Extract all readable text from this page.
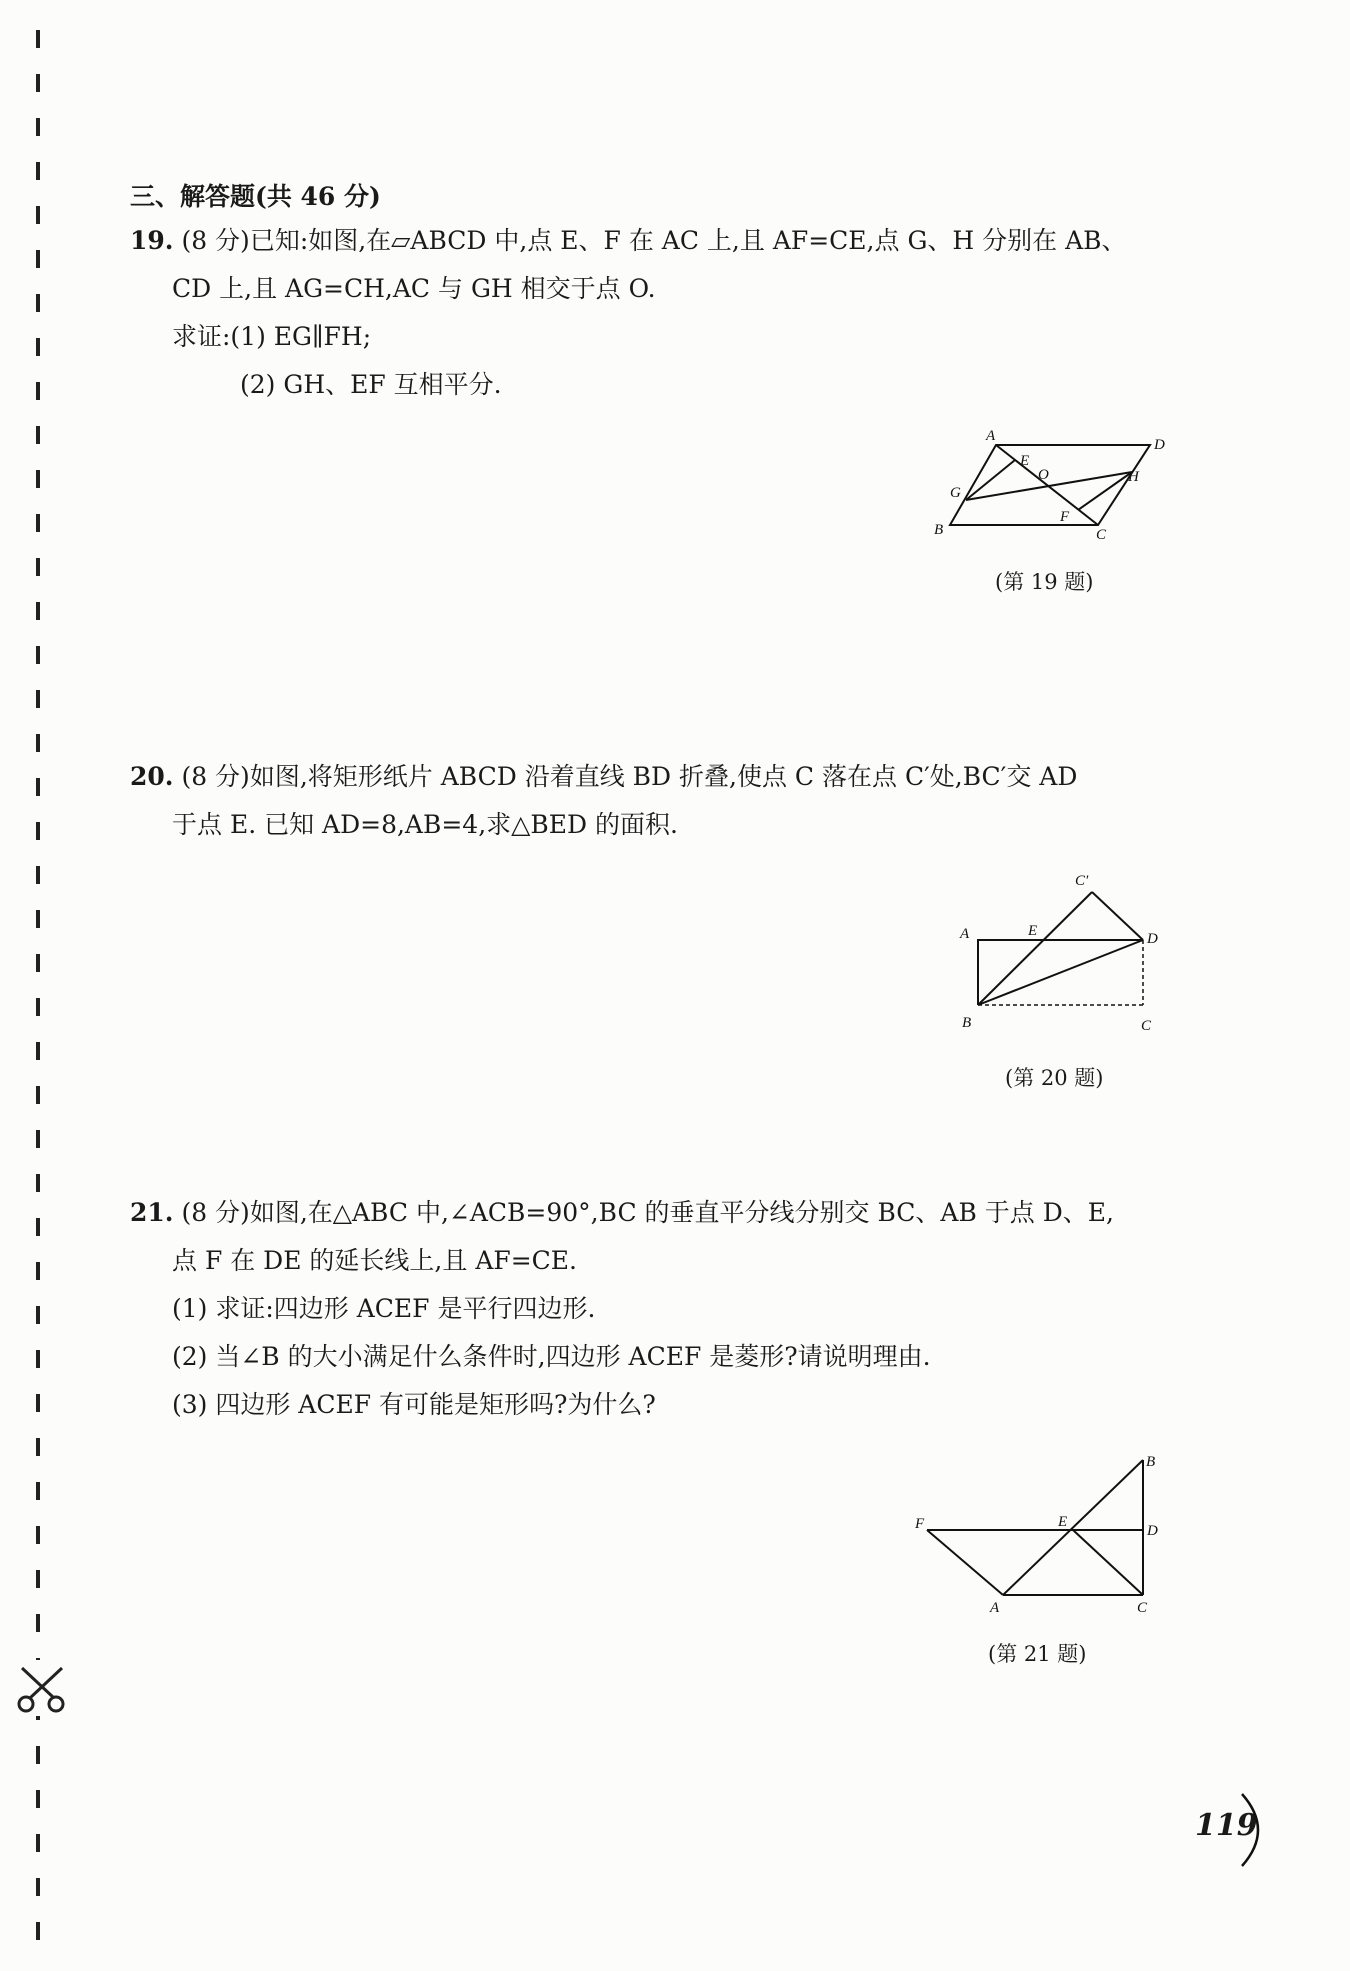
三、解答题(共 46 分)
19. (8 分)已知:如图,在▱ABCD 中,点 E、F 在 AC 上,且 AF=CE,点 G、H 分别在 AB、
CD 上,且 AG=CH,AC 与 GH 相交于点 O.
求证:(1) EG∥FH;
(2) GH、EF 互相平分.
A
D
B	C
G
H
E
O
F
(第 19 题)
20. (8 分)如图,将矩形纸片 ABCD 沿着直线 BD 折叠,使点 C 落在点 C′处,BC′交 AD
于点 E. 已知 AD=8,AB=4,求△BED 的面积.
A	D
B	C
E
C′
(第 20 题)
21. (8 分)如图,在△ABC 中,∠ACB=90°,BC 的垂直平分线分别交 BC、AB 于点 D、E,
点 F 在 DE 的延长线上,且 AF=CE.
(1) 求证:四边形 ACEF 是平行四边形.
(2) 当∠B 的大小满足什么条件时,四边形 ACEF 是菱形?请说明理由.
(3) 四边形 ACEF 有可能是矩形吗?为什么?
B
D
F	E
A	C
(第 21 题)
119
